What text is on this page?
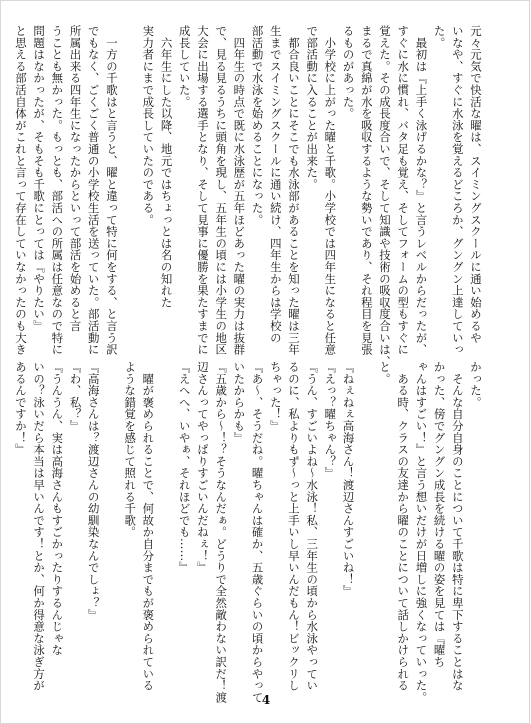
元々元気で快活な曜は、スイミングスクールに通い始めるや
いなや、すぐに水泳を覚えるどころか、グングン上達していっ
た。
　最初は『上手く泳げるかな？』と言うレベルからだったが、
すぐに水に慣れ、バタ足も覚え、そしてフォームの型もすぐに
覚えた。その成長度合いで、そして知識や技術の吸収度合いは、
まるで真綿が水を吸収するような勢いであり、それ程目を見張
るものがあった。
　小学校に上がった曜と千歌。小学校では四年生になると任意
で部活動に入ることが出来た。
　都合良いことにそこでも水泳部があることを知った曜は三年
生までスイミングスクールに通い続け、四年生からは学校の
部活動で水泳を始めることになった。
　四年生の時点で既に水泳歴が五年ほどあった曜の実力は抜群
で、見る見るうちに頭角を現し、五年生の頃には小学生の地区
大会に出場する選手となり、そして見事に優勝を果たすまでに
成長していた。
　六年生にした以降、地元ではちょっとは名の知れた
実力者にまで成長していたのである。

　一方の千歌はと言うと、曜と違って特に何をする、と言う訳
でもなく、ごくごく普通の小学校生活を送っていた。部活動に
所属出来る四年生になったからといって部活を始めると言
うことも無かった。もっとも、部活への所属は任意なので特に
問題はなかったが、そもそも千歌にとっては『やりたい』
と思える部活自体がこれと言って存在していなかったのも大き
かった。
　そんな自分自身のことについて千歌は特に卑下することはな
かった、傍でグングン成長を続ける曜の姿を見ては『曜ち
ゃんはすごい！』と言う想いだけが日増しに強くなっていった。
　ある時、クラスの友達から曜のことについて話しかけられる
と。

『ねぇねぇ高海さん！渡辺さんすごいね！』
『えっ？曜ちゃん？』
『うん、すごいよね～水泳！私、三年生の頃から水泳やってい
るのに、私よりもず～っと上手いし早いんだもん！ビックリし
ちゃった！』
『あ～、そうだね。曜ちゃんは確か、五歳ぐらいの頃からやって
いたからかも』
『五歳から～！？そうなんだぁ。どうりで全然敵わない訳だ！渡
辺さんってやっぱりすごいんだねぇ！』
『えへへ、いやぁ、それほどでも……』

　曜が褒められることで、何故か自分までもが褒められている
ような錯覚を感じて照れる千歌。

『高海さんは？渡辺さんの幼馴染なんでしょ？』
『わ、私？』
『うんうん、実は高海さんもすごかったりするんじゃな
いの？泳いだら本当は早いんです！とか、何か得意な泳ぎ方が
あるんですか！』
4
